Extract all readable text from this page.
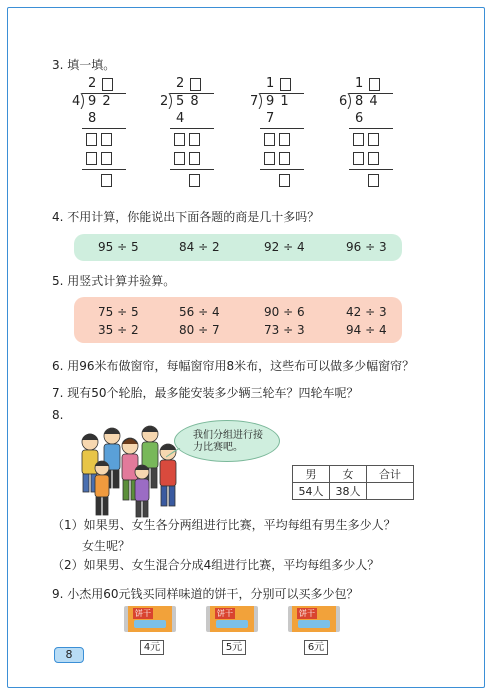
3. 填一填。
2
4 9 2
8
2
2 5 8
4
1
7 9 1
7
1
6 8 4
6
4. 不用计算，你能说出下面各题的商是几十多吗？
95 ÷ 5	84 ÷ 2	92 ÷ 4	96 ÷ 3
5. 用竖式计算并验算。
75 ÷ 5	56 ÷ 4	90 ÷ 6	42 ÷ 3
35 ÷ 2	80 ÷ 7	73 ÷ 3	94 ÷ 4
6. 用96米布做窗帘，每幅窗帘用8米布，这些布可以做多少幅窗帘？
7. 现有50个轮胎，最多能安装多少辆三轮车？四轮车呢？
8.
我们分组进行接
力比赛吧。
男	女	合计
54人	38人	
（1）如果男、女生各分两组进行比赛，平均每组有男生多少人？
女生呢？
（2）如果男、女生混合分成4组进行比赛，平均每组多少人？
9. 小杰用60元钱买同样味道的饼干，分别可以买多少包？
饼干
4元
饼干
5元
饼干
6元
8
